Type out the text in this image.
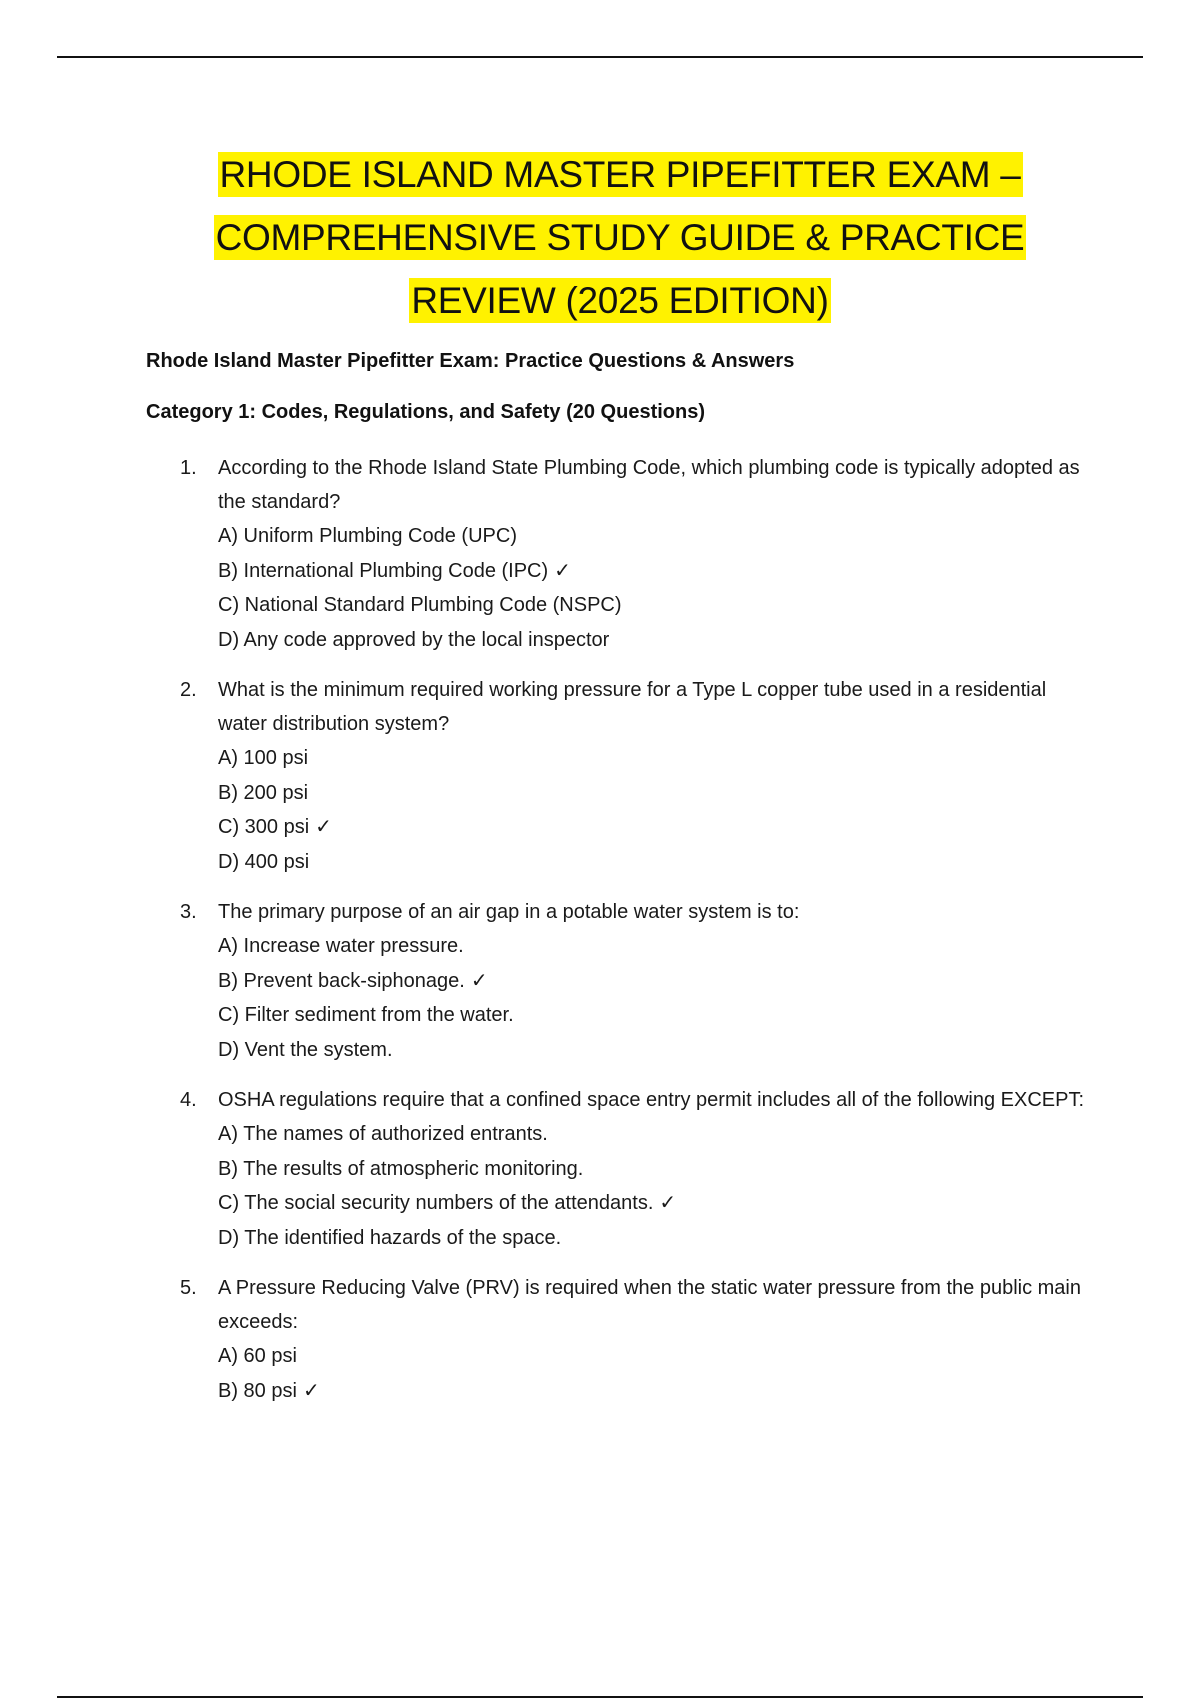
RHODE ISLAND MASTER PIPEFITTER EXAM –
COMPREHENSIVE STUDY GUIDE & PRACTICE
REVIEW (2025 EDITION)
Rhode Island Master Pipefitter Exam: Practice Questions & Answers
Category 1: Codes, Regulations, and Safety (20 Questions)
1. According to the Rhode Island State Plumbing Code, which plumbing code is typically adopted as the standard?
A) Uniform Plumbing Code (UPC)
B) International Plumbing Code (IPC) ✓
C) National Standard Plumbing Code (NSPC)
D) Any code approved by the local inspector
2. What is the minimum required working pressure for a Type L copper tube used in a residential water distribution system?
A) 100 psi
B) 200 psi
C) 300 psi ✓
D) 400 psi
3. The primary purpose of an air gap in a potable water system is to:
A) Increase water pressure.
B) Prevent back-siphonage. ✓
C) Filter sediment from the water.
D) Vent the system.
4. OSHA regulations require that a confined space entry permit includes all of the following EXCEPT:
A) The names of authorized entrants.
B) The results of atmospheric monitoring.
C) The social security numbers of the attendants. ✓
D) The identified hazards of the space.
5. A Pressure Reducing Valve (PRV) is required when the static water pressure from the public main exceeds:
A) 60 psi
B) 80 psi ✓
